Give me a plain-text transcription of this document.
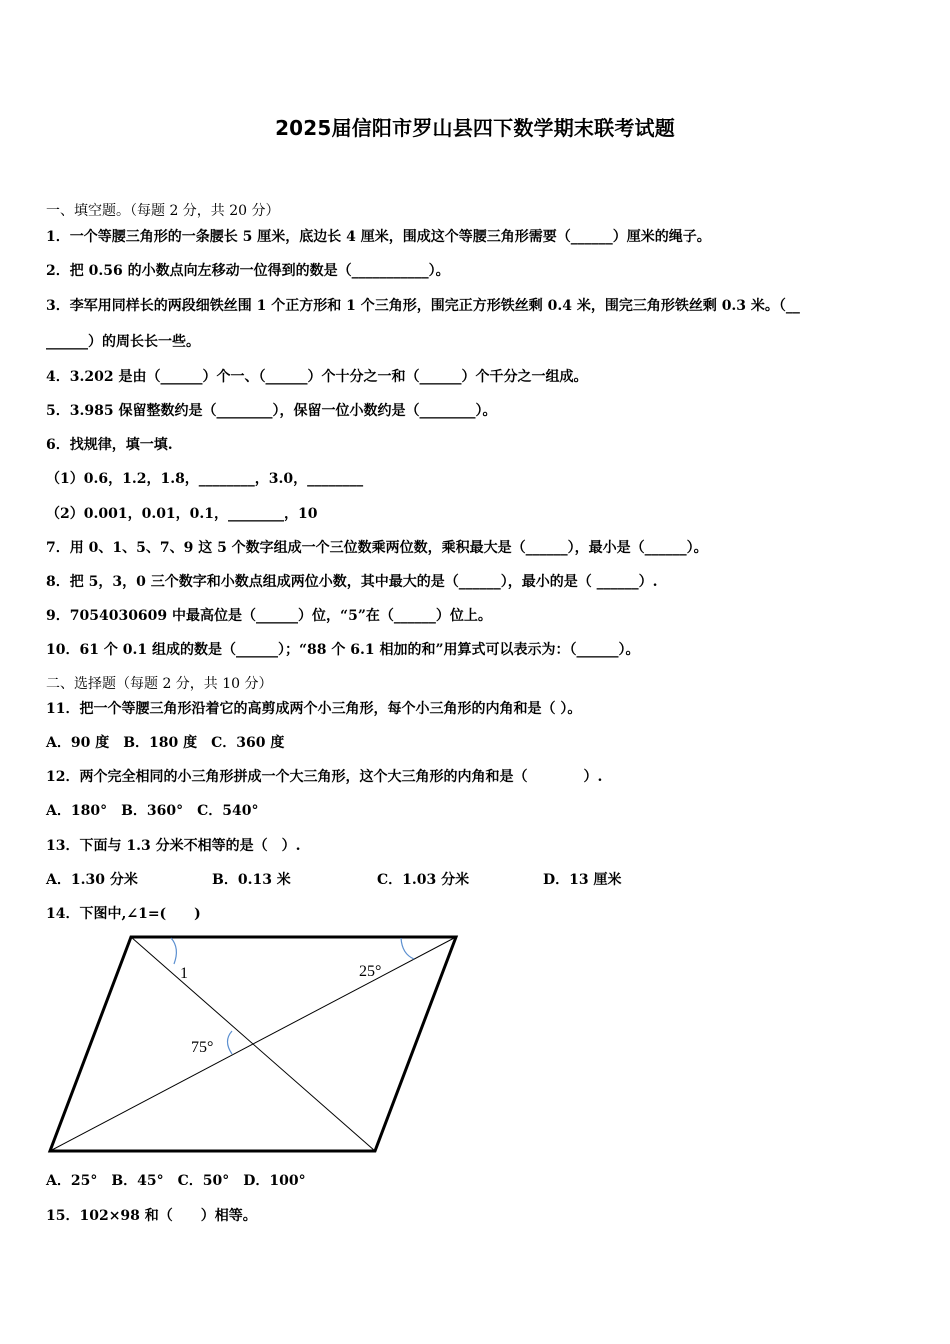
2025届信阳市罗山县四下数学期末联考试题
一、填空题。（每题 2 分，共 20 分）
1．一个等腰三角形的一条腰长 5 厘米，底边长 4 厘米，围成这个等腰三角形需要（______）厘米的绳子。
2．把 0.56 的小数点向左移动一位得到的数是（___________）。
3．李军用同样长的两段细铁丝围 1 个正方形和 1 个三角形，围完正方形铁丝剩 0.4 米，围完三角形铁丝剩 0.3 米。（__
______）的周长长一些。
4．3.202 是由（______）个一、（______）个十分之一和（______）个千分之一组成。
5．3.985 保留整数约是（________），保留一位小数约是（________）。
6．找规律，填一填.
（1）0.6，1.2，1.8，________，3.0，________
（2）0.001，0.01，0.1，________，10
7．用 0、1、5、7、9 这 5 个数字组成一个三位数乘两位数，乘积最大是（______），最小是（______）。
8．把 5，3，0 三个数字和小数点组成两位小数，其中最大的是（______），最小的是（ ______）.
9．7054030609 中最高位是（______）位，“5”在（______）位上。
10．61 个 0.1 组成的数是（______）；“88 个 6.1 相加的和”用算式可以表示为：（______）。
二、选择题（每题 2 分，共 10 分）
11．把一个等腰三角形沿着它的高剪成两个小三角形，每个小三角形的内角和是（ ）。
A．90 度　B．180 度　C．360 度
12．两个完全相同的小三角形拼成一个大三角形，这个大三角形的内角和是（　　　　）.
A．180°　B．360°　C．540°
13．下面与 1.3 分米不相等的是（　）.
A．1.30 分米	B．0.13 米	C．1.03 分米	D．13 厘米
14．下图中,∠1=(　　)
1	25°
75°
A．25°　B．45°　C．50°　D．100°
15．102×98 和（　　）相等。
